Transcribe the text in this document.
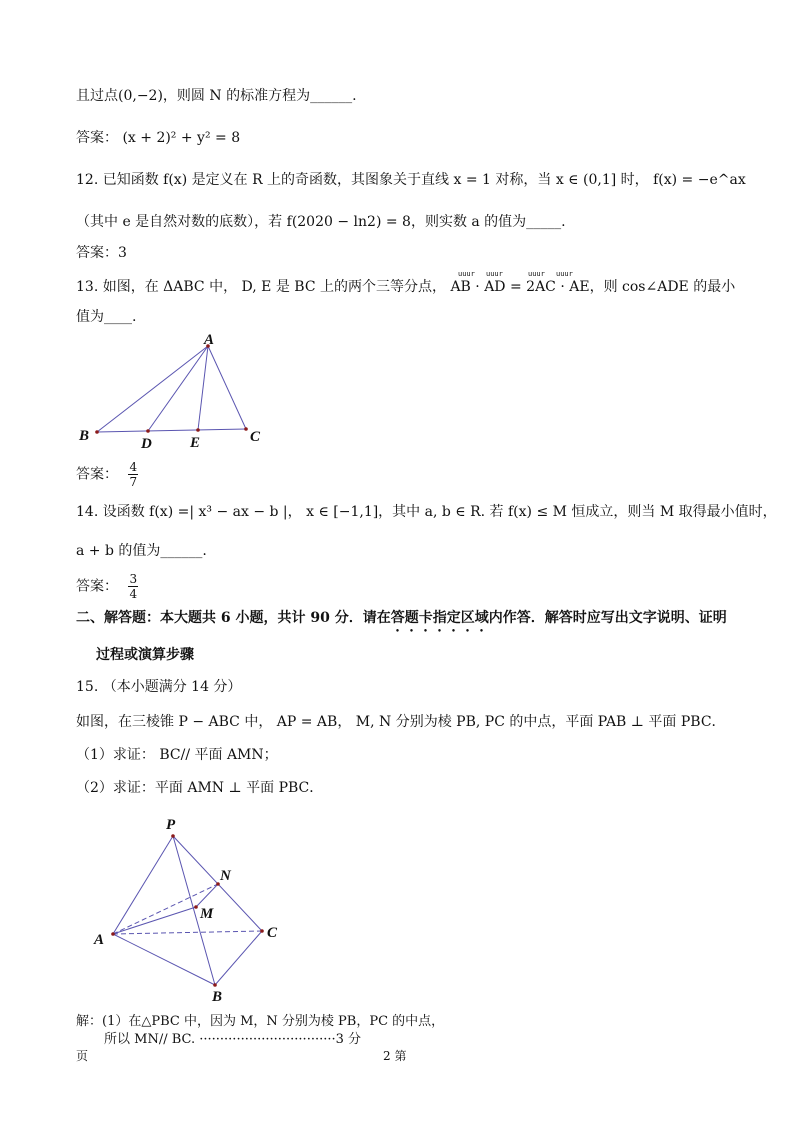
且过点(0,−2)，则圆 N 的标准方程为______.
答案： (x + 2)² + y² = 8
12. 已知函数 f(x) 是定义在 R 上的奇函数，其图象关于直线 x = 1 对称，当 x ∈ (0,1] 时， f(x) = −e^ax
（其中 e 是自然对数的底数），若 f(2020 − ln2) = 8，则实数 a 的值为_____.
答案：3
uuur uuur	uuur uuur
13. 如图，在 ΔABC 中， D, E 是 BC 上的两个三等分点， AB · AD = 2AC · AE，则 cos∠ADE 的最小
值为____.
A
B	C
D	E
P
A
B
C
M
N
答案： $\frac{4}{7}$
14. 设函数 f(x) =| x³ − ax − b |， x ∈ [−1,1]，其中 a, b ∈ R. 若 f(x) ≤ M 恒成立，则当 M 取得最小值时，
a + b 的值为______.
答案： $\frac{3}{4}$
二、解答题：本大题共 6 小题，共计 90 分．请在答题卡指定区域内作答．解答时应写出文字说明、证明
过程或演算步骤
15. （本小题满分 14 分）
如图，在三棱锥 P − ABC 中， AP = AB， M, N 分别为棱 PB, PC 的中点，平面 PAB ⊥ 平面 PBC．
（1）求证： BC// 平面 AMN；
（2）求证：平面 AMN ⊥ 平面 PBC．
解：(1）在△PBC 中，因为 M，N 分别为棱 PB，PC 的中点，
所以 MN// BC. ·································3 分
页	2 第
